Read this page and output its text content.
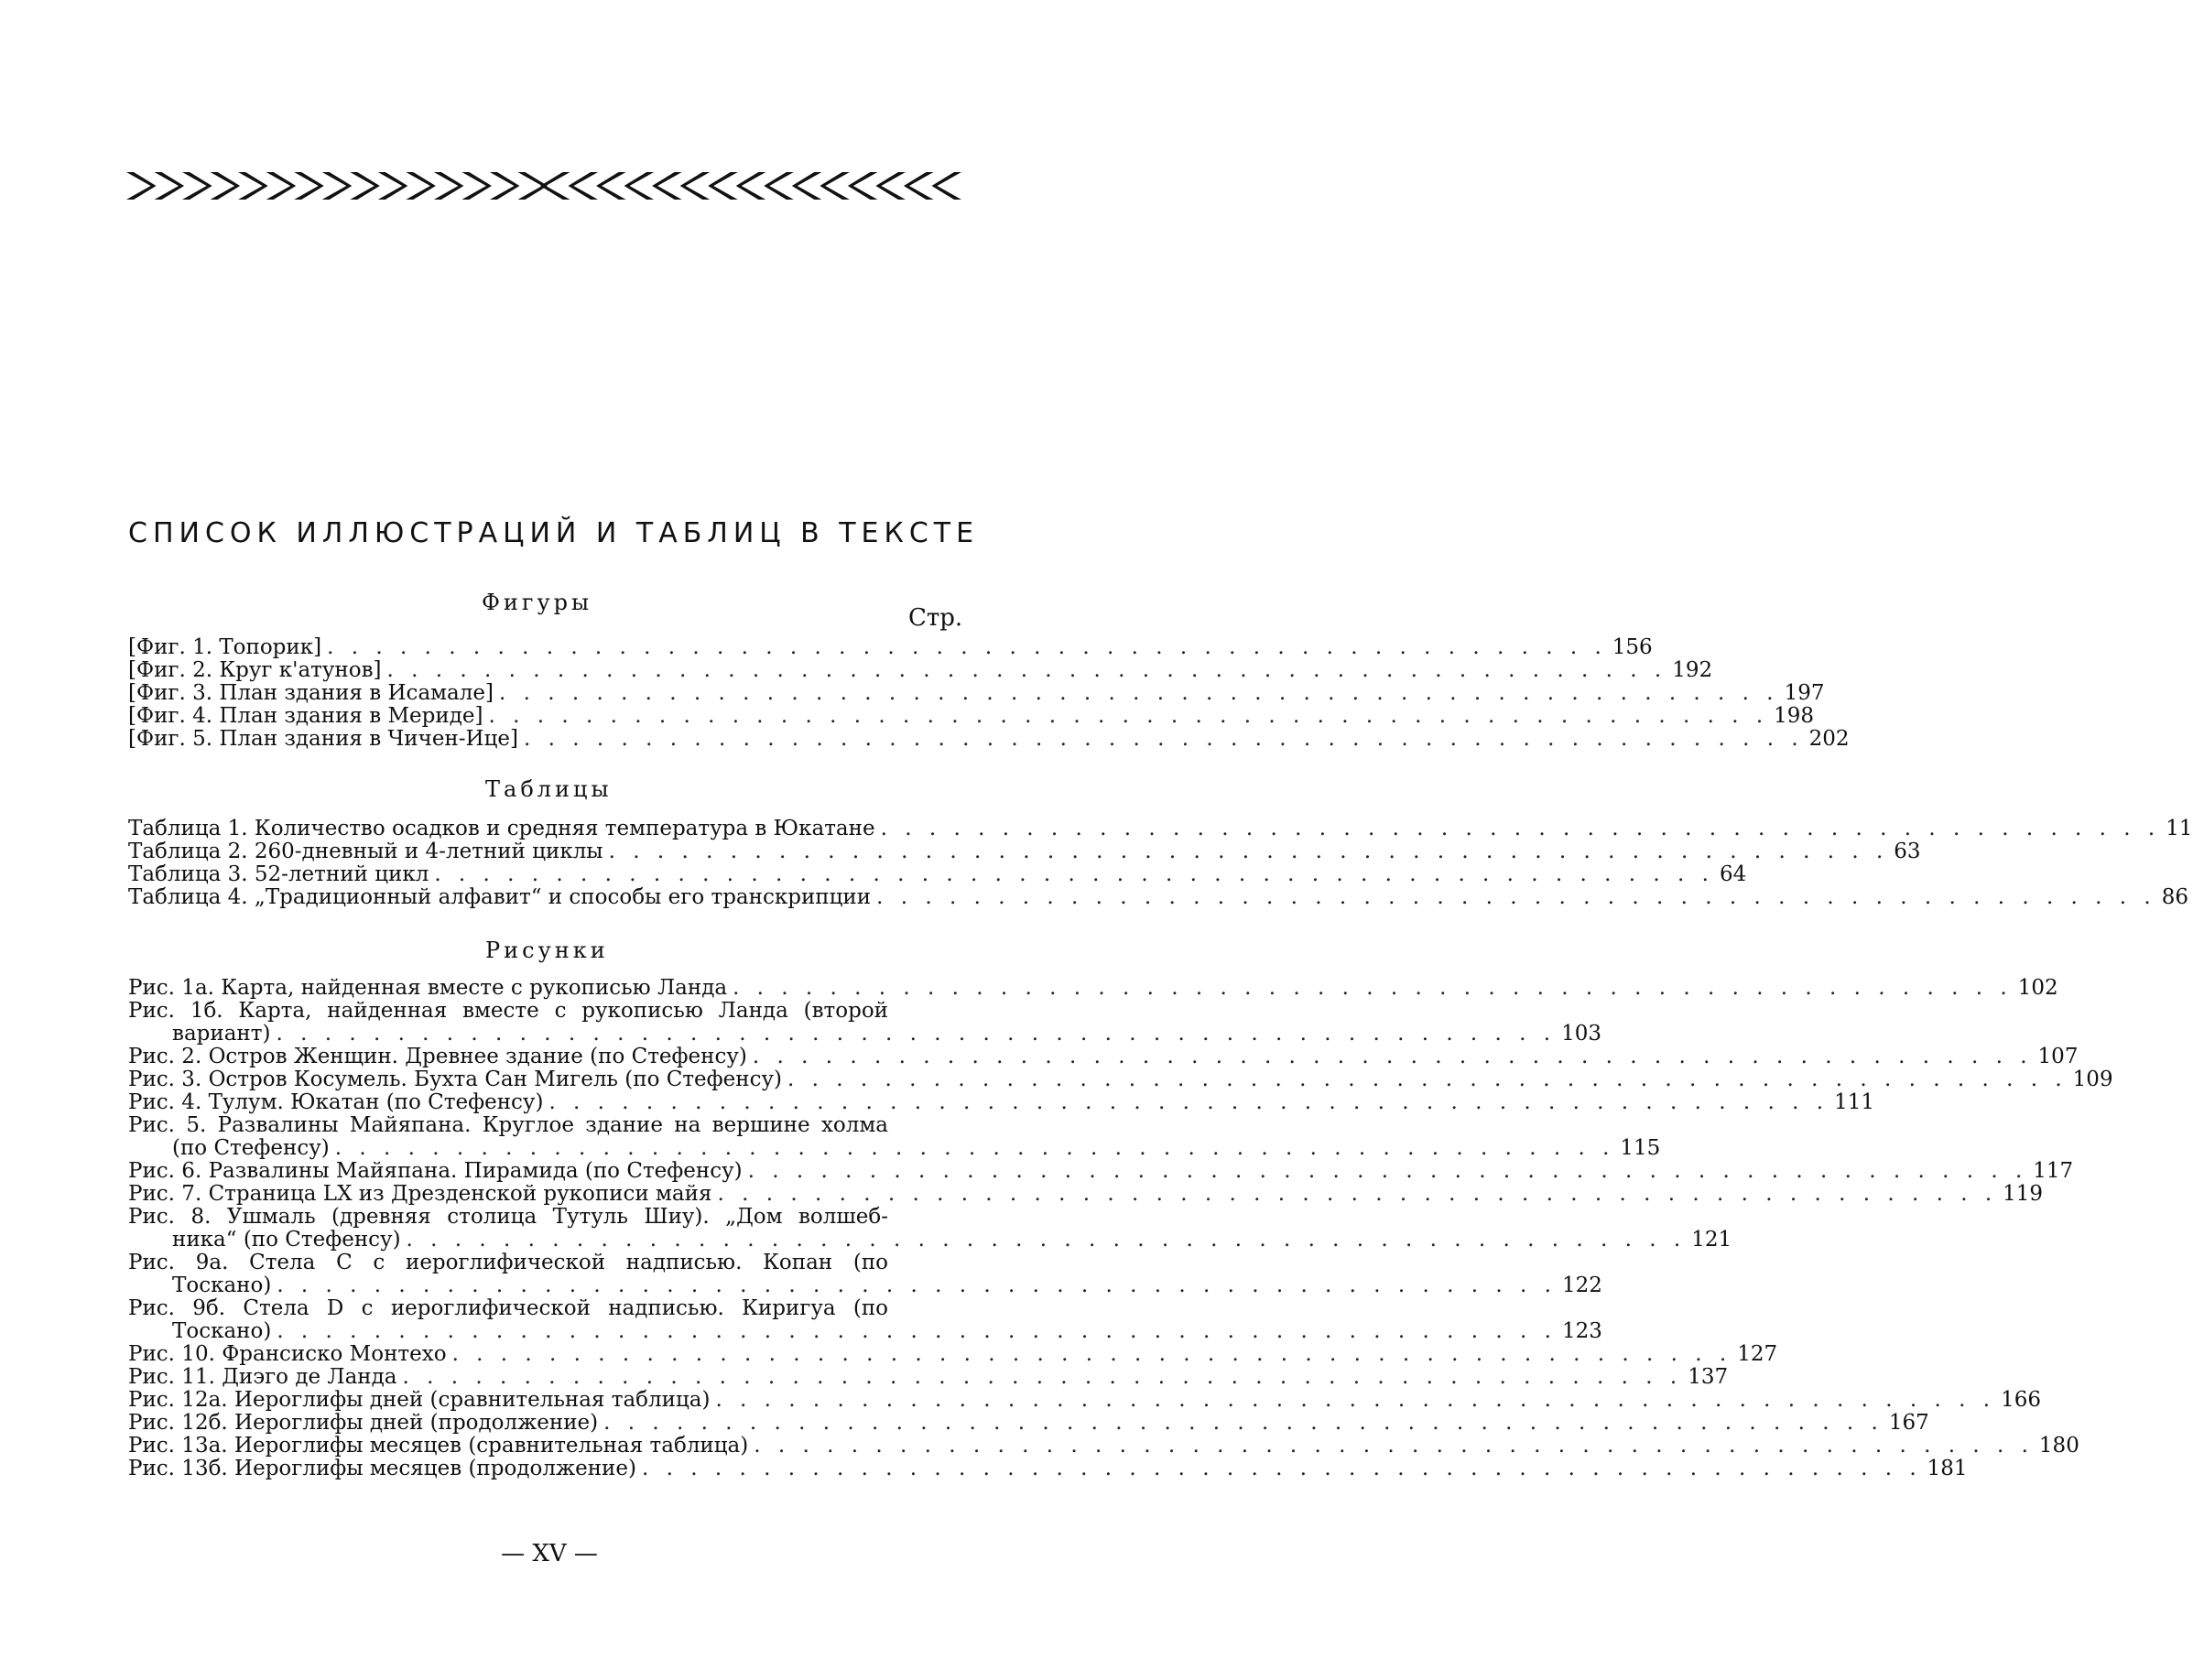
СПИСОК ИЛЛЮСТРАЦИЙ И ТАБЛИЦ В ТЕКСТЕ
Фигуры
Стр.
[Фиг. 1. Топорик] . . . . . . . . . . . . . . . . . . . . . . . . . . . . . . . . . . . . . . . . . . . . . . . . . . . . . 156
[Фиг. 2. Круг к'атунов] . . . . . . . . . . . . . . . . . . . . . . . . . . . . . . . . . . . . . . . . . . . . . . . . . . . . . 192
[Фиг. 3. План здания в Исамале] . . . . . . . . . . . . . . . . . . . . . . . . . . . . . . . . . . . . . . . . . . . . . . . . . . . . . 197
[Фиг. 4. План здания в Мериде] . . . . . . . . . . . . . . . . . . . . . . . . . . . . . . . . . . . . . . . . . . . . . . . . . . . . . 198
[Фиг. 5. План здания в Чичен-Ице] . . . . . . . . . . . . . . . . . . . . . . . . . . . . . . . . . . . . . . . . . . . . . . . . . . . . . 202
Таблицы
Таблица 1. Количество осадков и средняя температура в Юкатане . . . . . . . . . . . . . . . . . . . . . . . . . . . . . . . . . . . . . . . . . . . . . . . . . . . . . 11
Таблица 2. 260-дневный и 4-летний циклы . . . . . . . . . . . . . . . . . . . . . . . . . . . . . . . . . . . . . . . . . . . . . . . . . . . . . 63
Таблица 3. 52-летний цикл . . . . . . . . . . . . . . . . . . . . . . . . . . . . . . . . . . . . . . . . . . . . . . . . . . . . . 64
Таблица 4. „Традиционный алфавит“ и способы его транскрипции . . . . . . . . . . . . . . . . . . . . . . . . . . . . . . . . . . . . . . . . . . . . . . . . . . . . . 86
Рисунки
Рис. 1а. Карта, найденная вместе с рукописью Ланда . . . . . . . . . . . . . . . . . . . . . . . . . . . . . . . . . . . . . . . . . . . . . . . . . . . . . 102
Рис. 1б. Карта, найденная вместе с рукописью Ланда (второй
вариант) . . . . . . . . . . . . . . . . . . . . . . . . . . . . . . . . . . . . . . . . . . . . . . . . . . . . . 103
Рис. 2. Остров Женщин. Древнее здание (по Стефенсу) . . . . . . . . . . . . . . . . . . . . . . . . . . . . . . . . . . . . . . . . . . . . . . . . . . . . . 107
Рис. 3. Остров Косумель. Бухта Сан Мигель (по Стефенсу) . . . . . . . . . . . . . . . . . . . . . . . . . . . . . . . . . . . . . . . . . . . . . . . . . . . . . 109
Рис. 4. Тулум. Юкатан (по Стефенсу) . . . . . . . . . . . . . . . . . . . . . . . . . . . . . . . . . . . . . . . . . . . . . . . . . . . . . 111
Рис. 5. Развалины Майяпана. Круглое здание на вершине холма
(по Стефенсу) . . . . . . . . . . . . . . . . . . . . . . . . . . . . . . . . . . . . . . . . . . . . . . . . . . . . . 115
Рис. 6. Развалины Майяпана. Пирамида (по Стефенсу) . . . . . . . . . . . . . . . . . . . . . . . . . . . . . . . . . . . . . . . . . . . . . . . . . . . . . 117
Рис. 7. Страница LX из Дрезденской рукописи майя . . . . . . . . . . . . . . . . . . . . . . . . . . . . . . . . . . . . . . . . . . . . . . . . . . . . . 119
Рис. 8. Ушмаль (древняя столица Тутуль Шиу). „Дом волшеб-
ника“ (по Стефенсу) . . . . . . . . . . . . . . . . . . . . . . . . . . . . . . . . . . . . . . . . . . . . . . . . . . . . . 121
Рис. 9а. Стела С с иероглифической надписью. Копан (по
Тоскано) . . . . . . . . . . . . . . . . . . . . . . . . . . . . . . . . . . . . . . . . . . . . . . . . . . . . . 122
Рис. 9б. Стела D с иероглифической надписью. Киригуа (по
Тоскано) . . . . . . . . . . . . . . . . . . . . . . . . . . . . . . . . . . . . . . . . . . . . . . . . . . . . . 123
Рис. 10. Франсиско Монтехо . . . . . . . . . . . . . . . . . . . . . . . . . . . . . . . . . . . . . . . . . . . . . . . . . . . . . 127
Рис. 11. Диэго де Ланда . . . . . . . . . . . . . . . . . . . . . . . . . . . . . . . . . . . . . . . . . . . . . . . . . . . . . 137
Рис. 12а. Иероглифы дней (сравнительная таблица) . . . . . . . . . . . . . . . . . . . . . . . . . . . . . . . . . . . . . . . . . . . . . . . . . . . . . 166
Рис. 12б. Иероглифы дней (продолжение) . . . . . . . . . . . . . . . . . . . . . . . . . . . . . . . . . . . . . . . . . . . . . . . . . . . . . 167
Рис. 13а. Иероглифы месяцев (сравнительная таблица) . . . . . . . . . . . . . . . . . . . . . . . . . . . . . . . . . . . . . . . . . . . . . . . . . . . . . 180
Рис. 13б. Иероглифы месяцев (продолжение) . . . . . . . . . . . . . . . . . . . . . . . . . . . . . . . . . . . . . . . . . . . . . . . . . . . . . 181
— XV —
